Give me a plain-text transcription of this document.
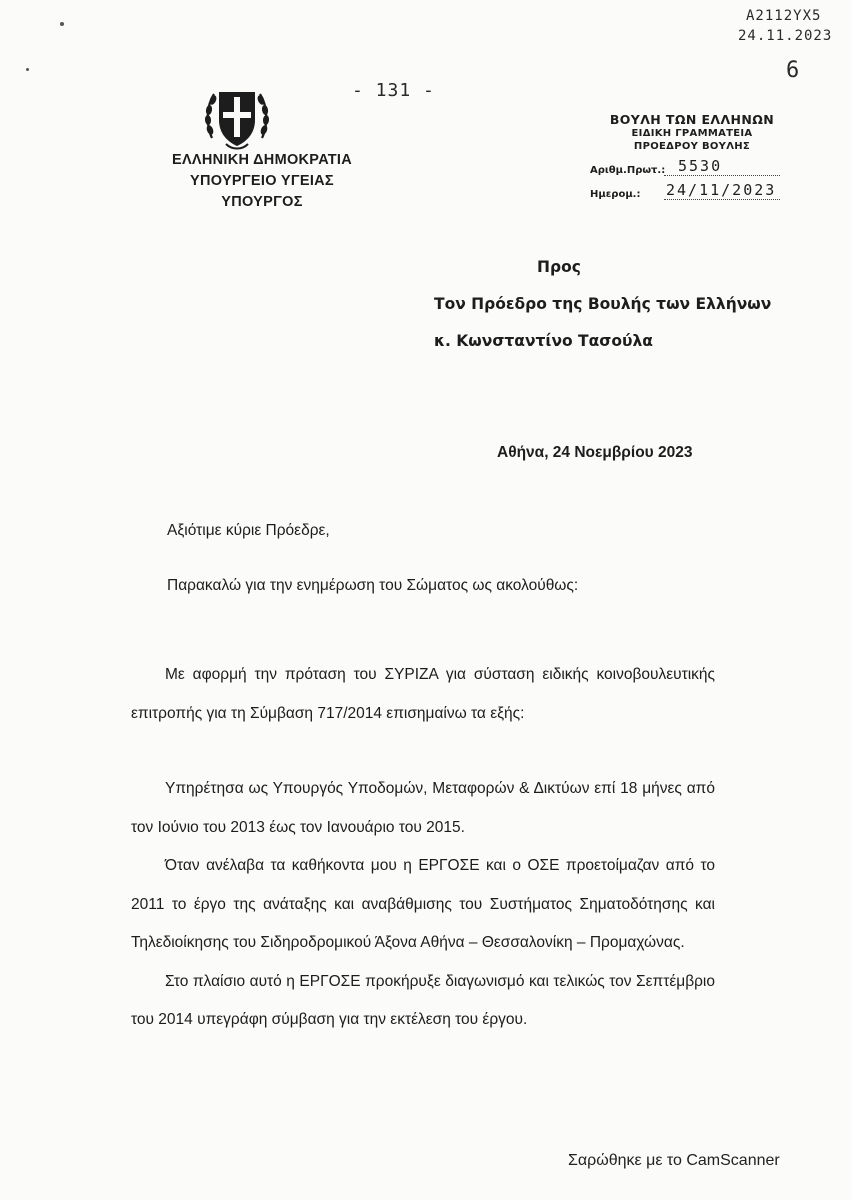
Α2112ΥΧ5
24.11.2023
6
- 131 -
ΕΛΛΗΝΙΚΗ ΔΗΜΟΚΡΑΤΙΑ
ΥΠΟΥΡΓΕΙΟ ΥΓΕΙΑΣ
ΥΠΟΥΡΓΟΣ
ΒΟΥΛΗ ΤΩΝ ΕΛΛΗΝΩΝ
ΕΙΔΙΚΗ ΓΡΑΜΜΑΤΕΙΑ
ΠΡΟΕΔΡΟΥ ΒΟΥΛΗΣ
Αριθμ.Πρωτ.: 5530
Ημερομ.: 24/11/2023
Προς
Τον Πρόεδρο της Βουλής των Ελλήνων
κ. Κωνσταντίνο Τασούλα
Αθήνα, 24 Νοεμβρίου 2023
Αξιότιμε κύριε Πρόεδρε,
Παρακαλώ για την ενημέρωση του Σώματος ως ακολούθως:

Με αφορμή την πρόταση του ΣΥΡΙΖΑ για σύσταση ειδικής κοινοβουλευτικής επιτροπής για τη Σύμβαση 717/2014 επισημαίνω τα εξής:

Υπηρέτησα ως Υπουργός Υποδομών, Μεταφορών & Δικτύων επί 18 μήνες από τον Ιούνιο του 2013 έως τον Ιανουάριο του 2015.

Όταν ανέλαβα τα καθήκοντα μου η ΕΡΓΟΣΕ και ο ΟΣΕ προετοίμαζαν από το 2011 το έργο της ανάταξης και αναβάθμισης του Συστήματος Σηματοδότησης και Τηλεδιοίκησης του Σιδηροδρομικού Άξονα Αθήνα – Θεσσαλονίκη – Προμαχώνας.

Στο πλαίσιο αυτό η ΕΡΓΟΣΕ προκήρυξε διαγωνισμό και τελικώς τον Σεπτέμβριο του 2014 υπεγράφη σύμβαση για την εκτέλεση του έργου.

Σαρώθηκε με το CamScanner
